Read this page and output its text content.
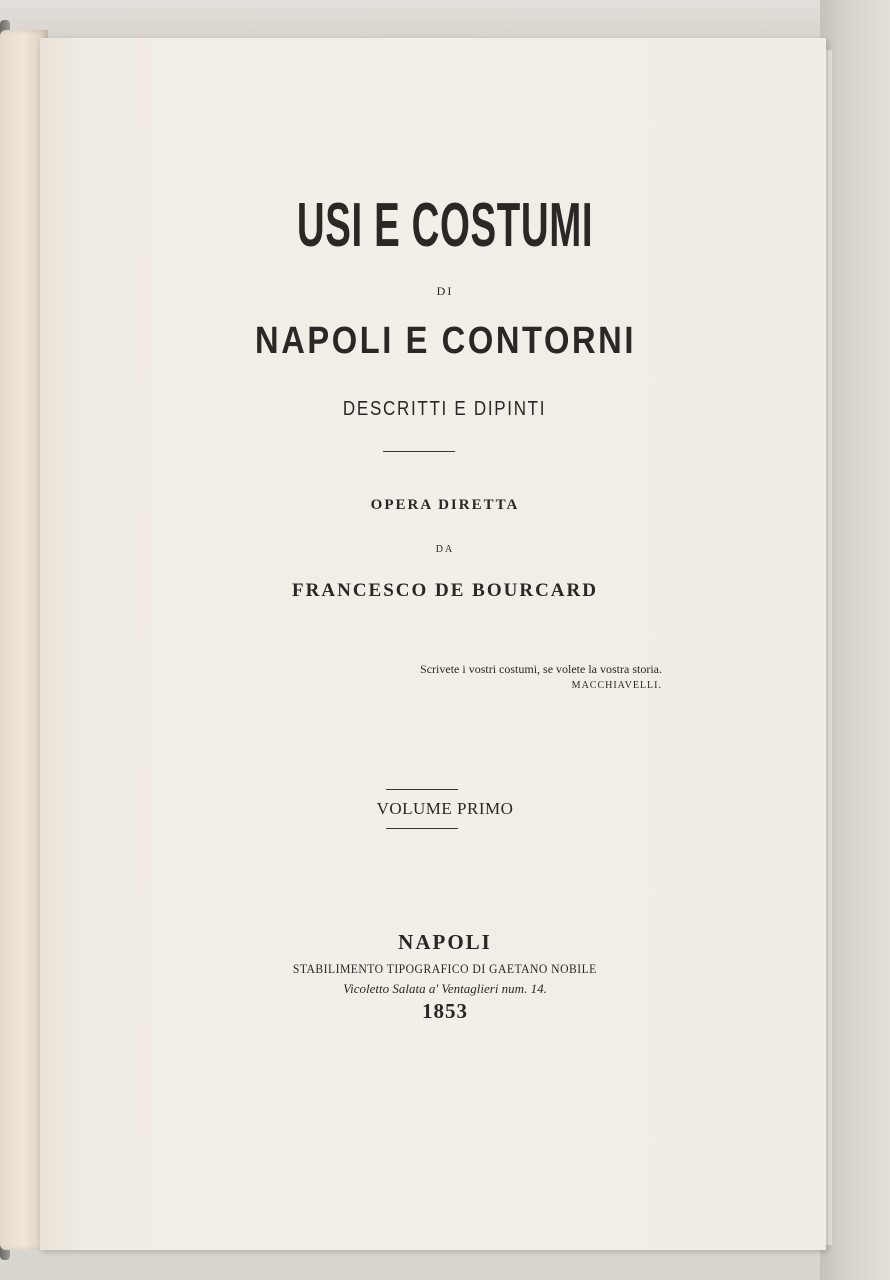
USI E COSTUMI

DI

NAPOLI E CONTORNI

DESCRITTI E DIPINTI

OPERA DIRETTA

DA

FRANCESCO DE BOURCARD

Scrivete i vostri costumi, se volete la vostra storia.

MACCHIAVELLI.

VOLUME PRIMO

NAPOLI

STABILIMENTO TIPOGRAFICO DI GAETANO NOBILE

Vicoletto Salata a' Ventaglieri num. 14.

1853
